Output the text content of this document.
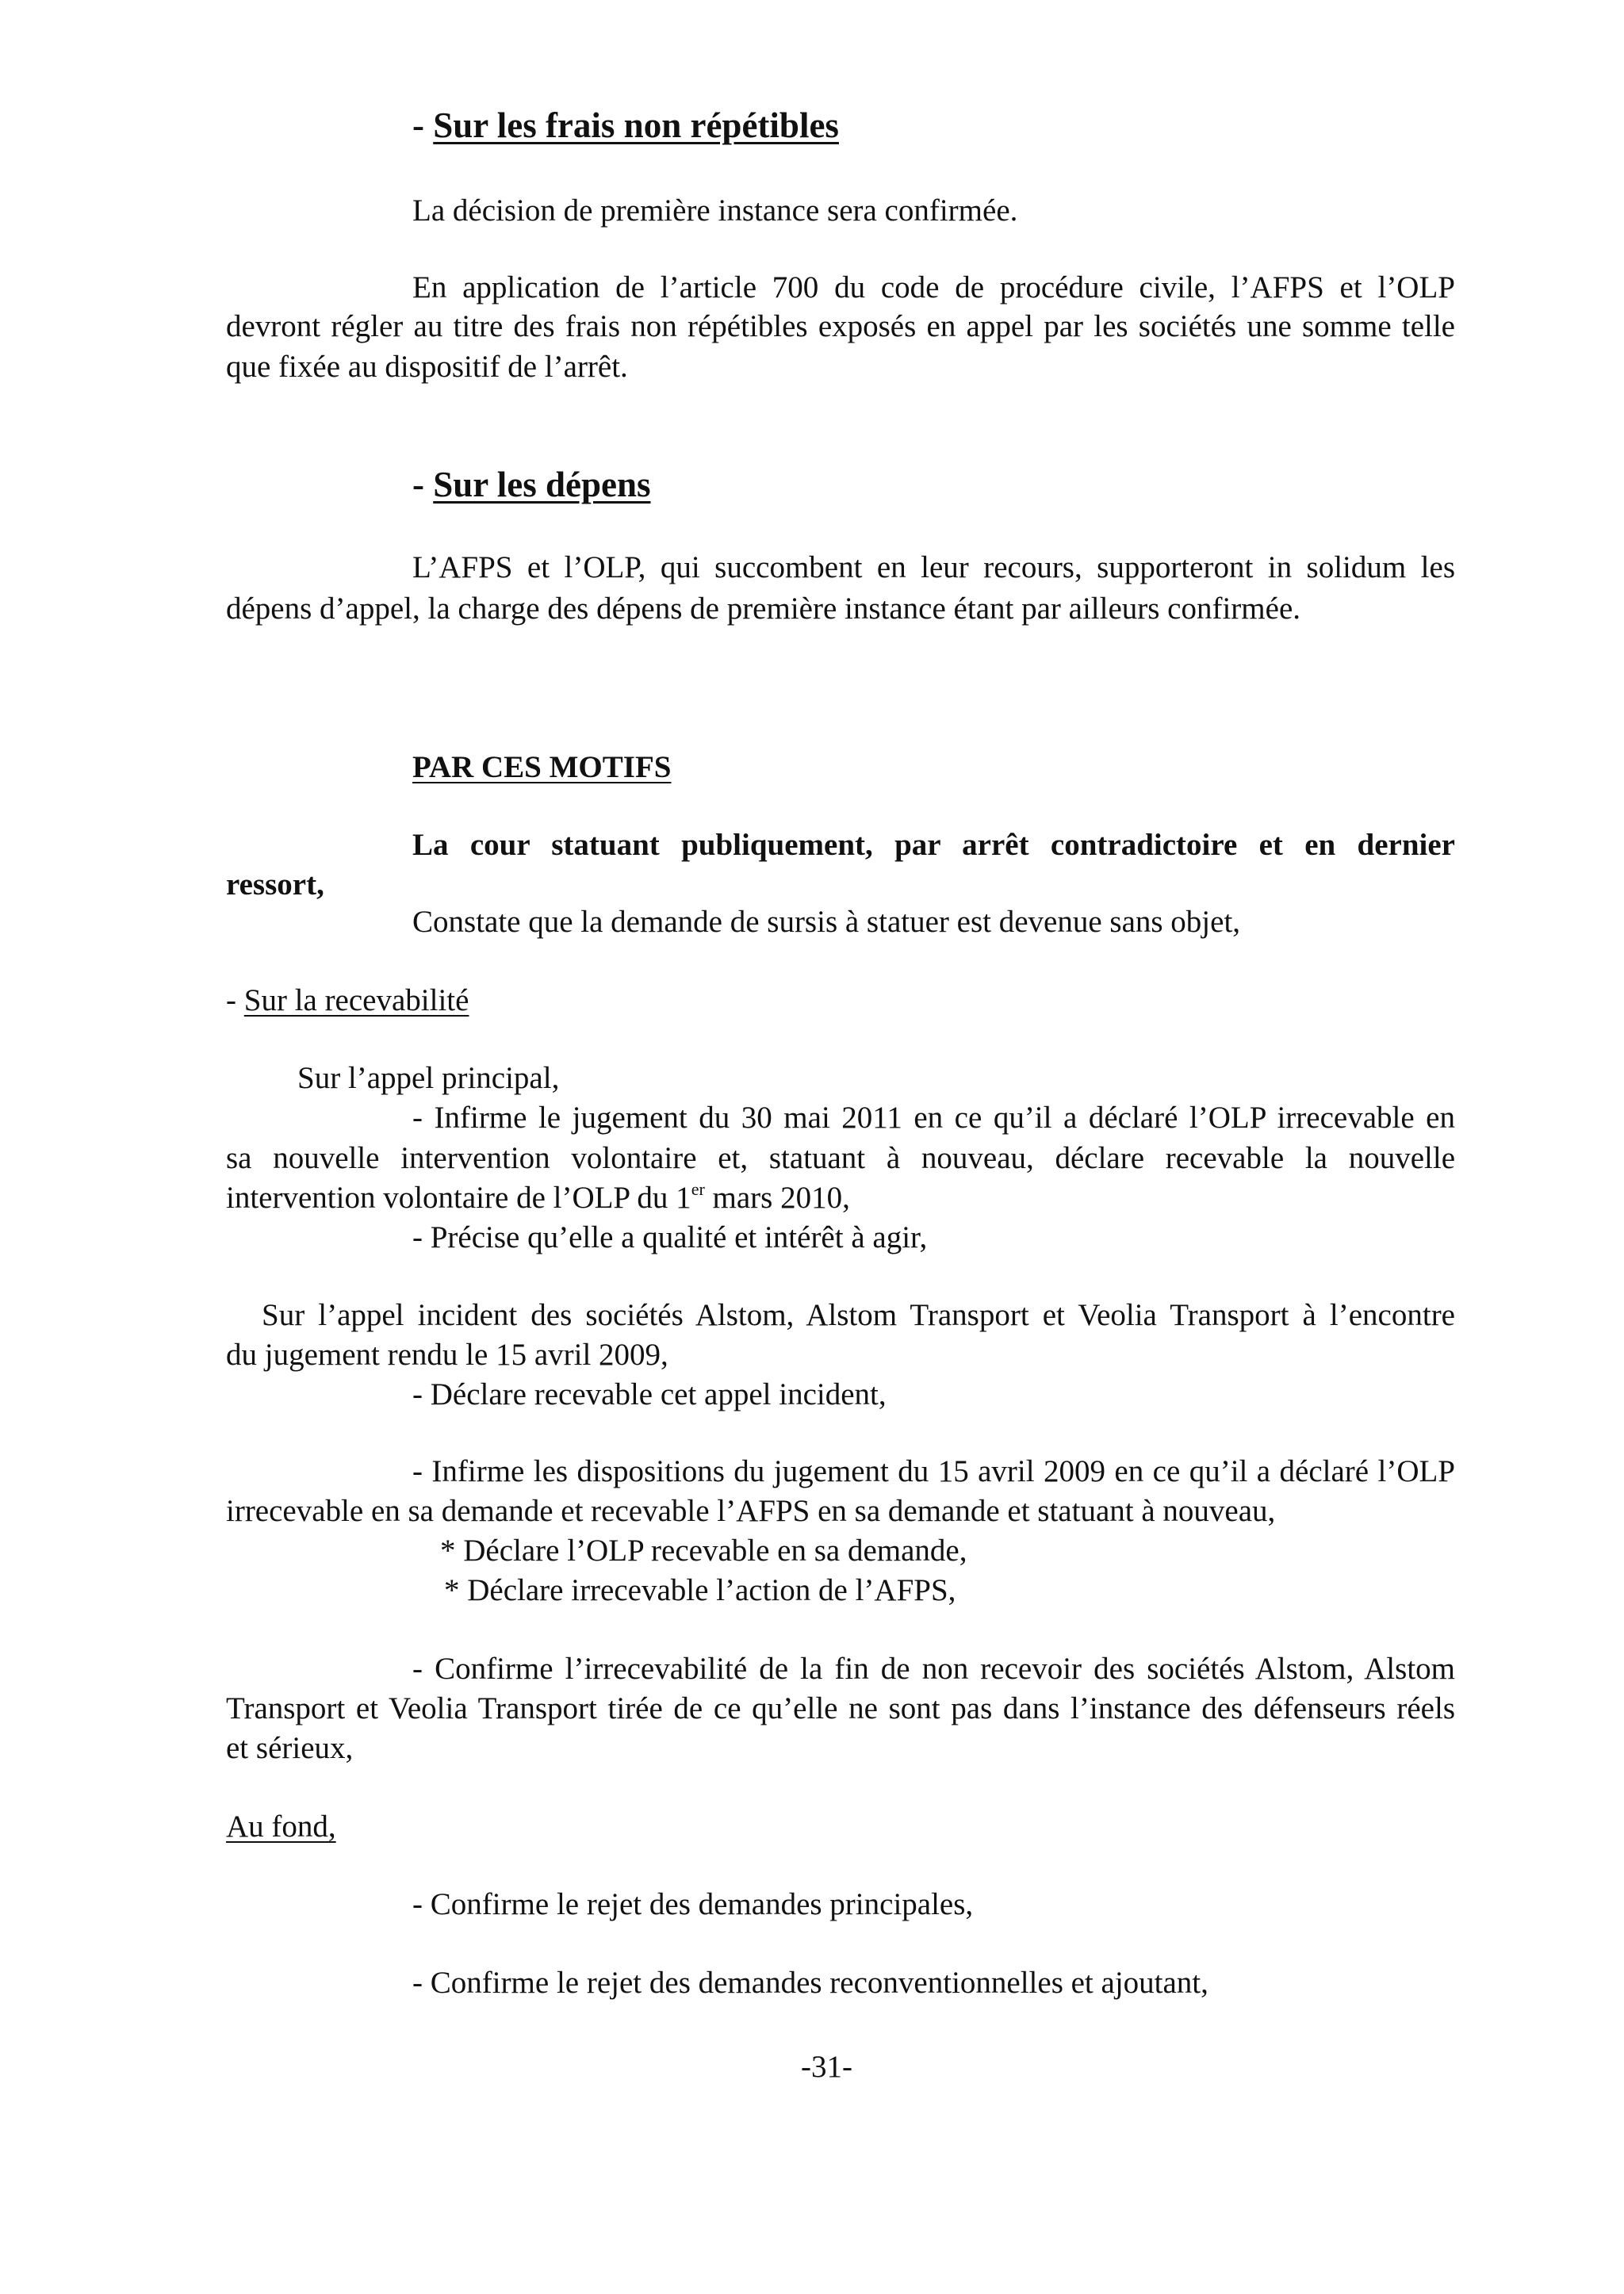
- Sur les frais non répétibles
La décision de première instance sera confirmée.
En application de l’article 700 du code de procédure civile, l’AFPS et l’OLP
devront régler au titre des frais non répétibles exposés en appel par les sociétés une somme telle
que fixée au dispositif de l’arrêt.
- Sur les dépens
L’AFPS et l’OLP, qui succombent en leur recours, supporteront in solidum les
dépens d’appel, la charge des dépens de première instance étant par ailleurs confirmée.
PAR CES MOTIFS
La cour statuant publiquement, par arrêt contradictoire et en dernier
ressort,
Constate que la demande de sursis à statuer est devenue sans objet,
- Sur la recevabilité
Sur l’appel principal,
- Infirme le jugement du 30 mai 2011 en ce qu’il a déclaré l’OLP irrecevable en
sa nouvelle intervention volontaire et, statuant à nouveau, déclare recevable la nouvelle
intervention volontaire de l’OLP du 1er mars 2010,
- Précise qu’elle a qualité et intérêt à agir,
Sur l’appel incident des sociétés Alstom, Alstom Transport et Veolia Transport à l’encontre
du jugement rendu le 15 avril 2009,
- Déclare recevable cet appel incident,
- Infirme les dispositions du jugement du 15 avril 2009 en ce qu’il a déclaré l’OLP
irrecevable en sa demande et recevable l’AFPS en sa demande et statuant à nouveau,
* Déclare l’OLP recevable en sa demande,
* Déclare irrecevable l’action de l’AFPS,
- Confirme l’irrecevabilité de la fin de non recevoir des sociétés Alstom, Alstom
Transport et Veolia Transport tirée de ce qu’elle ne sont pas dans l’instance des défenseurs réels
et sérieux,
Au fond,
- Confirme le rejet des demandes principales,
- Confirme le rejet des demandes reconventionnelles et ajoutant,
-31-
